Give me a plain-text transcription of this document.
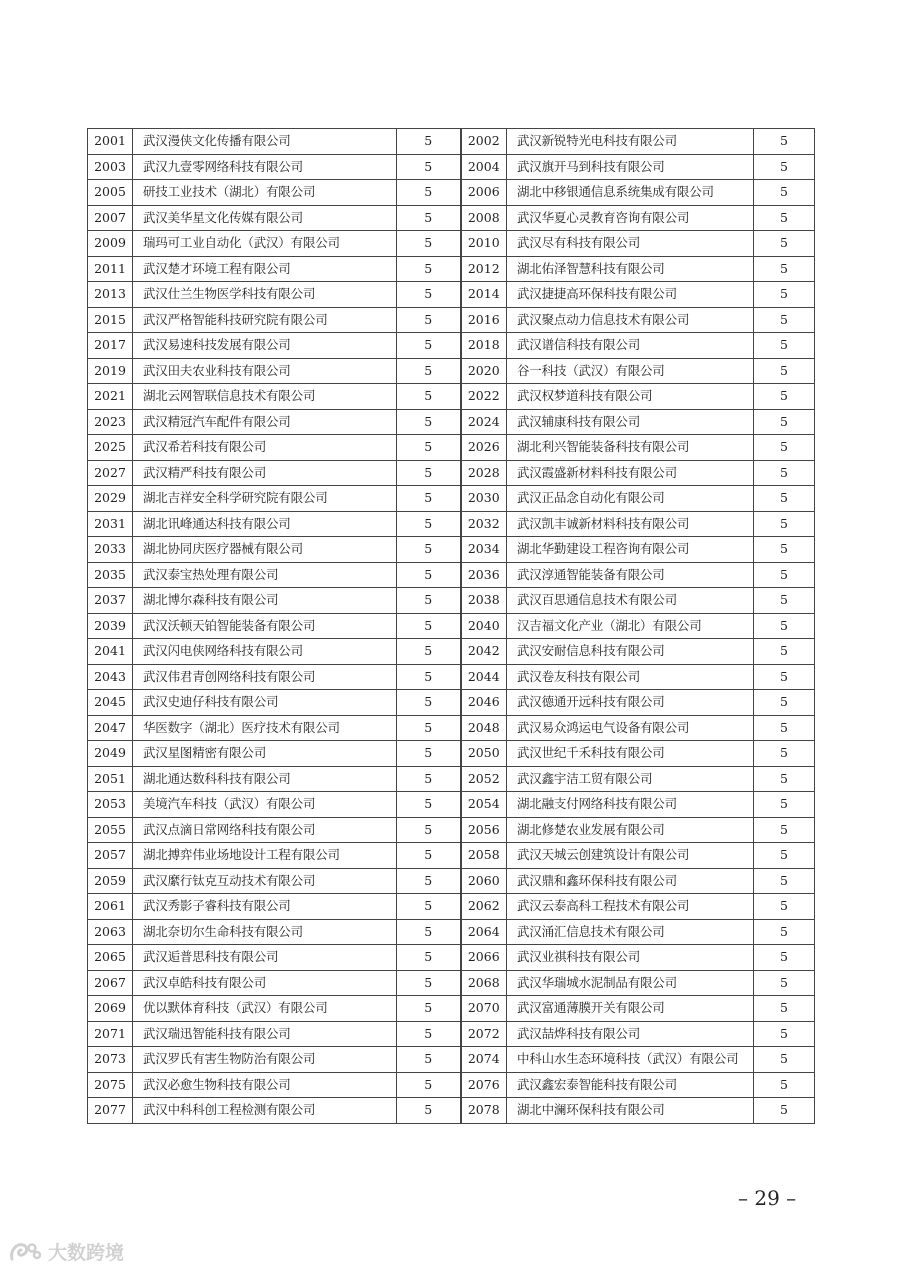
2001	武汉漫侠文化传播有限公司	5	2002	武汉新锐特光电科技有限公司	5
2003	武汉九壹零网络科技有限公司	5	2004	武汉旗开马到科技有限公司	5
2005	研技工业技术（湖北）有限公司	5	2006	湖北中移银通信息系统集成有限公司	5
2007	武汉美华星文化传媒有限公司	5	2008	武汉华夏心灵教育咨询有限公司	5
2009	瑞玛可工业自动化（武汉）有限公司	5	2010	武汉尽有科技有限公司	5
2011	武汉楚才环境工程有限公司	5	2012	湖北佑泽智慧科技有限公司	5
2013	武汉仕兰生物医学科技有限公司	5	2014	武汉捷捷高环保科技有限公司	5
2015	武汉严格智能科技研究院有限公司	5	2016	武汉聚点动力信息技术有限公司	5
2017	武汉易速科技发展有限公司	5	2018	武汉谱信科技有限公司	5
2019	武汉田夫农业科技有限公司	5	2020	谷一科技（武汉）有限公司	5
2021	湖北云网智联信息技术有限公司	5	2022	武汉权梦道科技有限公司	5
2023	武汉精冠汽车配件有限公司	5	2024	武汉辅康科技有限公司	5
2025	武汉希若科技有限公司	5	2026	湖北利兴智能装备科技有限公司	5
2027	武汉精严科技有限公司	5	2028	武汉霞盛新材料科技有限公司	5
2029	湖北吉祥安全科学研究院有限公司	5	2030	武汉正品念自动化有限公司	5
2031	湖北讯峰通达科技有限公司	5	2032	武汉凯丰诚新材料科技有限公司	5
2033	湖北协同庆医疗器械有限公司	5	2034	湖北华勤建设工程咨询有限公司	5
2035	武汉泰宝热处理有限公司	5	2036	武汉淳通智能装备有限公司	5
2037	湖北博尔森科技有限公司	5	2038	武汉百思通信息技术有限公司	5
2039	武汉沃顿天铂智能装备有限公司	5	2040	汉吉福文化产业（湖北）有限公司	5
2041	武汉闪电侠网络科技有限公司	5	2042	武汉安耐信息科技有限公司	5
2043	武汉伟君青创网络科技有限公司	5	2044	武汉卷友科技有限公司	5
2045	武汉史迪仔科技有限公司	5	2046	武汉德通开远科技有限公司	5
2047	华医数字（湖北）医疗技术有限公司	5	2048	武汉易众鸿运电气设备有限公司	5
2049	武汉星图精密有限公司	5	2050	武汉世纪千禾科技有限公司	5
2051	湖北通达数科科技有限公司	5	2052	武汉鑫宇洁工贸有限公司	5
2053	美境汽车科技（武汉）有限公司	5	2054	湖北融支付网络科技有限公司	5
2055	武汉点滴日常网络科技有限公司	5	2056	湖北修楚农业发展有限公司	5
2057	湖北搏弈伟业场地设计工程有限公司	5	2058	武汉天城云创建筑设计有限公司	5
2059	武汉縻行钛克互动技术有限公司	5	2060	武汉鼎和鑫环保科技有限公司	5
2061	武汉秀影子睿科技有限公司	5	2062	武汉云泰高科工程技术有限公司	5
2063	湖北奈切尔生命科技有限公司	5	2064	武汉涌汇信息技术有限公司	5
2065	武汉逅普思科技有限公司	5	2066	武汉业祺科技有限公司	5
2067	武汉卓皓科技有限公司	5	2068	武汉华瑞城水泥制品有限公司	5
2069	优以默体育科技（武汉）有限公司	5	2070	武汉富通薄膜开关有限公司	5
2071	武汉瑞迅智能科技有限公司	5	2072	武汉喆烨科技有限公司	5
2073	武汉罗氏有害生物防治有限公司	5	2074	中科山水生态环境科技（武汉）有限公司	5
2075	武汉必愈生物科技有限公司	5	2076	武汉鑫宏泰智能科技有限公司	5
2077	武汉中科科创工程检测有限公司	5	2078	湖北中澜环保科技有限公司	5
– 29 –
大数跨境
